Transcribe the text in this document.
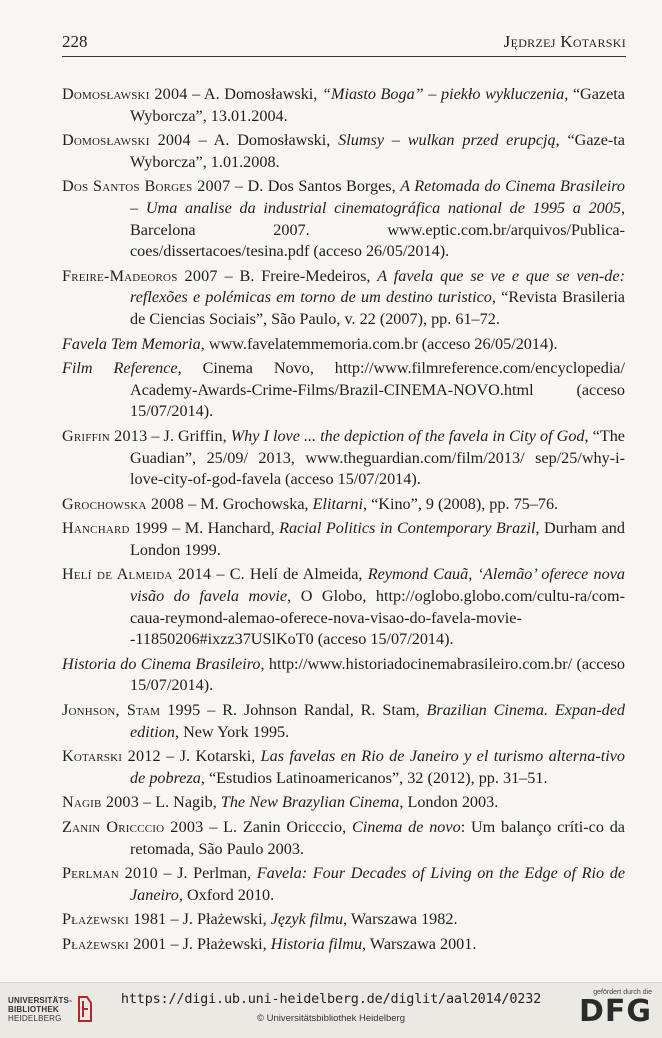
228	Jędrzej Kotarski

Domosławski 2004 – A. Domosławski, “Miasto Boga” – piekło wykluczenia, “Gazeta Wyborcza”, 13.01.2004.

Domosławski 2004 – A. Domosławski, Slumsy – wulkan przed erupcją, “Gaze-ta Wyborcza”, 1.01.2008.

Dos Santos Borges 2007 – D. Dos Santos Borges, A Retomada do Cinema Brasileiro – Uma analise da industrial cinematográfica national de 1995 a 2005, Barcelona 2007. www.eptic.com.br/arquivos/Publica-coes/dissertacoes/tesina.pdf (acceso 26/05/2014).

Freire-Madeoros 2007 – B. Freire-Medeiros, A favela que se ve e que se ven-de: reflexões e polémicas em torno de um destino turistico, “Revista Brasileria de Ciencias Sociais”, São Paulo, v. 22 (2007), pp. 61–72.

Favela Tem Memoria, www.favelatemmemoria.com.br (acceso 26/05/2014).

Film Reference, Cinema Novo, http://www.filmreference.com/encyclopedia/ Academy-Awards-Crime-Films/Brazil-CINEMA-NOVO.html (acceso 15/07/2014).

Griffin 2013 – J. Griffin, Why I love ... the depiction of the favela in City of God, “The Guadian”, 25/09/ 2013, www.theguardian.com/film/2013/ sep/25/why-i-love-city-of-god-favela (acceso 15/07/2014).

Grochowska 2008 – M. Grochowska, Elitarni, “Kino”, 9 (2008), pp. 75–76.

Hanchard 1999 – M. Hanchard, Racial Politics in Contemporary Brazil, Durham and London 1999.

Helí de Almeida 2014 – C. Helí de Almeida, Reymond Cauã, ‘Alemão’ oferece nova visão do favela movie, O Globo, http://oglobo.globo.com/cultu-ra/com-caua-reymond-alemao-oferece-nova-visao-do-favela-movie--11850206#ixzz37USlKoT0 (acceso 15/07/2014).

Historia do Cinema Brasileiro, http://www.historiadocinemabrasileiro.com.br/ (acceso 15/07/2014).

Jonhson, Stam 1995 – R. Johnson Randal, R. Stam, Brazilian Cinema. Expan-ded edition, New York 1995.

Kotarski 2012 – J. Kotarski, Las favelas en Rio de Janeiro y el turismo alterna-tivo de pobreza, “Estudios Latinoamericanos”, 32 (2012), pp. 31–51.

Nagib 2003 – L. Nagib, The New Brazylian Cinema, London 2003.

Zanin Oricccio 2003 – L. Zanin Oricccio, Cinema de novo: Um balanço críti-co da retomada, São Paulo 2003.

Perlman 2010 – J. Perlman, Favela: Four Decades of Living on the Edge of Rio de Janeiro, Oxford 2010.

Płażewski 1981 – J. Płażewski, Język filmu, Warszawa 1982.

Płażewski 2001 – J. Płażewski, Historia filmu, Warszawa 2001.

UNIVERSITÄTS-
BIBLIOTHEK
HEIDELBERG
https://digi.ub.uni-heidelberg.de/diglit/aal2014/0232
© Universitätsbibliothek Heidelberg
gefördert durch die
DFG
